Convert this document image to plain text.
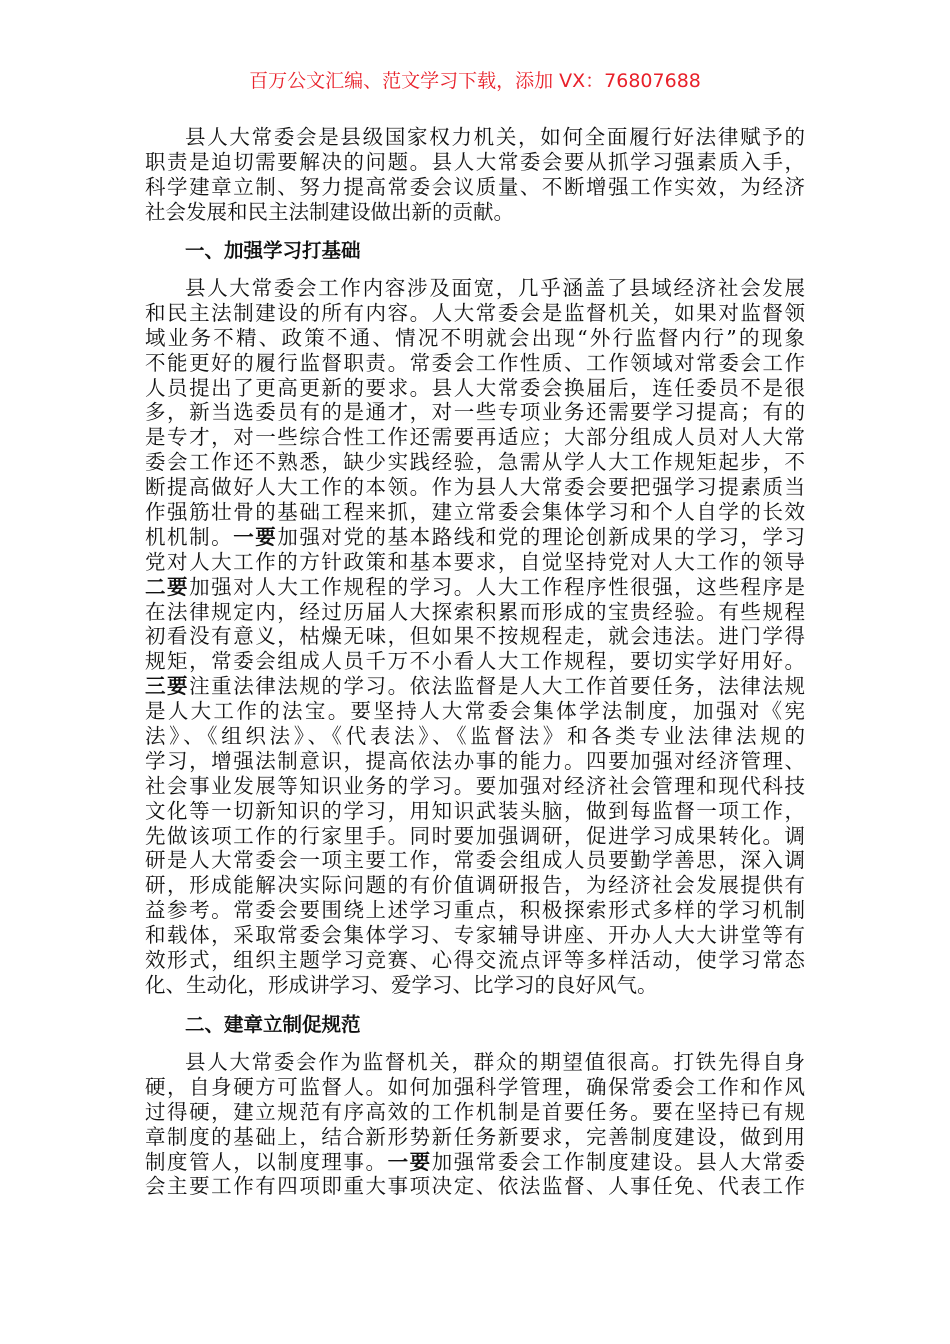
百万公文汇编、范文学习下载，添加 VX：76807688
县人大常委会是县级国家权力机关，如何全面履行好法律赋予的
职责是迫切需要解决的问题。县人大常委会要从抓学习强素质入手，
科学建章立制、努力提高常委会议质量、不断增强工作实效，为经济
社会发展和民主法制建设做出新的贡献。
一、加强学习打基础
县人大常委会工作内容涉及面宽，几乎涵盖了县域经济社会发展
和民主法制建设的所有内容。人大常委会是监督机关，如果对监督领
域业务不精、政策不通、情况不明就会出现“外行监督内行”的现象
不能更好的履行监督职责。常委会工作性质、工作领域对常委会工作
人员提出了更高更新的要求。县人大常委会换届后，连任委员不是很
多，新当选委员有的是通才，对一些专项业务还需要学习提高；有的
是专才，对一些综合性工作还需要再适应；大部分组成人员对人大常
委会工作还不熟悉，缺少实践经验，急需从学人大工作规矩起步，不
断提高做好人大工作的本领。作为县人大常委会要把强学习提素质当
作强筋壮骨的基础工程来抓，建立常委会集体学习和个人自学的长效
机机制。一要加强对党的基本路线和党的理论创新成果的学习，学习
党对人大工作的方针政策和基本要求，自觉坚持党对人大工作的领导
二要加强对人大工作规程的学习。人大工作程序性很强，这些程序是
在法律规定内，经过历届人大探索积累而形成的宝贵经验。有些规程
初看没有意义，枯燥无味，但如果不按规程走，就会违法。进门学得
规矩，常委会组成人员千万不小看人大工作规程，要切实学好用好。
三要注重法律法规的学习。依法监督是人大工作首要任务，法律法规
是人大工作的法宝。要坚持人大常委会集体学法制度，加强对《宪
法》、《组织法》、《代表法》、《监督法》和各类专业法律法规的
学习，增强法制意识，提高依法办事的能力。四要加强对经济管理、
社会事业发展等知识业务的学习。要加强对经济社会管理和现代科技
文化等一切新知识的学习，用知识武装头脑，做到每监督一项工作，
先做该项工作的行家里手。同时要加强调研，促进学习成果转化。调
研是人大常委会一项主要工作，常委会组成人员要勤学善思，深入调
研，形成能解决实际问题的有价值调研报告，为经济社会发展提供有
益参考。常委会要围绕上述学习重点，积极探索形式多样的学习机制
和载体，采取常委会集体学习、专家辅导讲座、开办人大大讲堂等有
效形式，组织主题学习竞赛、心得交流点评等多样活动，使学习常态
化、生动化，形成讲学习、爱学习、比学习的良好风气。
二、建章立制促规范
县人大常委会作为监督机关，群众的期望值很高。打铁先得自身
硬，自身硬方可监督人。如何加强科学管理，确保常委会工作和作风
过得硬，建立规范有序高效的工作机制是首要任务。要在坚持已有规
章制度的基础上，结合新形势新任务新要求，完善制度建设，做到用
制度管人，以制度理事。一要加强常委会工作制度建设。县人大常委
会主要工作有四项即重大事项决定、依法监督、人事任免、代表工作
